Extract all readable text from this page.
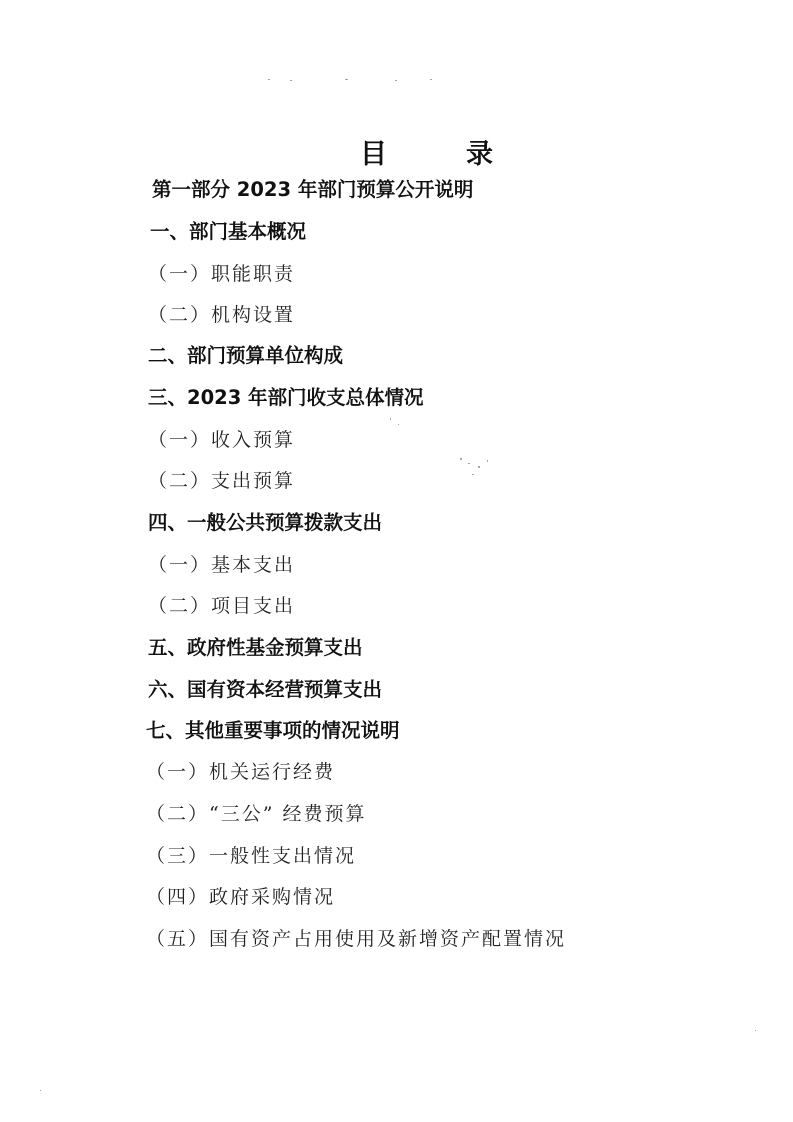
目　录
第一部分 2023 年部门预算公开说明
一、部门基本概况
（一）职能职责
（二）机构设置
二、部门预算单位构成
三、2023 年部门收支总体情况
（一）收入预算
（二）支出预算
四、一般公共预算拨款支出
（一）基本支出
（二）项目支出
五、政府性基金预算支出
六、国有资本经营预算支出
七、其他重要事项的情况说明
（一）机关运行经费
（二）“三公” 经费预算
（三）一般性支出情况
（四）政府采购情况
（五）国有资产占用使用及新增资产配置情况
